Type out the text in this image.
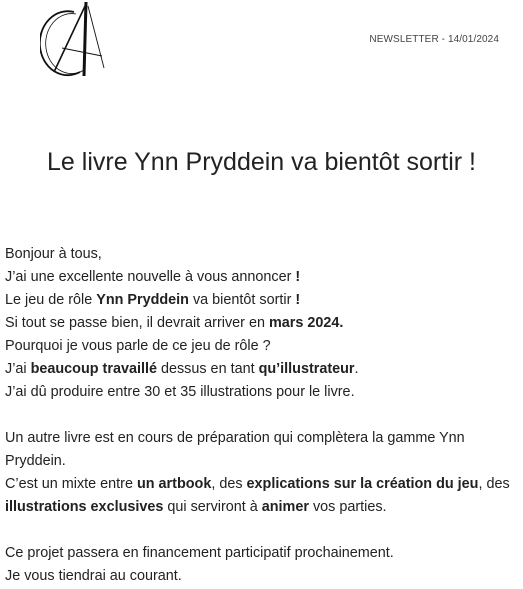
NEWSLETTER - 14/01/2024
Le livre Ynn Pryddein va bientôt sortir !

Bonjour à tous,

J’ai une excellente nouvelle à vous annoncer !

Le jeu de rôle Ynn Pryddein va bientôt sortir !

Si tout se passe bien, il devrait arriver en mars 2024.

Pourquoi je vous parle de ce jeu de rôle ?

J’ai beaucoup travaillé dessus en tant qu’illustrateur.

J’ai dû produire entre 30 et 35 illustrations pour le livre.

Un autre livre est en cours de préparation qui complètera la gamme Ynn Pryddein.

C’est un mixte entre un artbook, des explications sur la création du jeu, des illustrations exclusives qui serviront à animer vos parties.

Ce projet passera en financement participatif prochainement.

Je vous tiendrai au courant.
